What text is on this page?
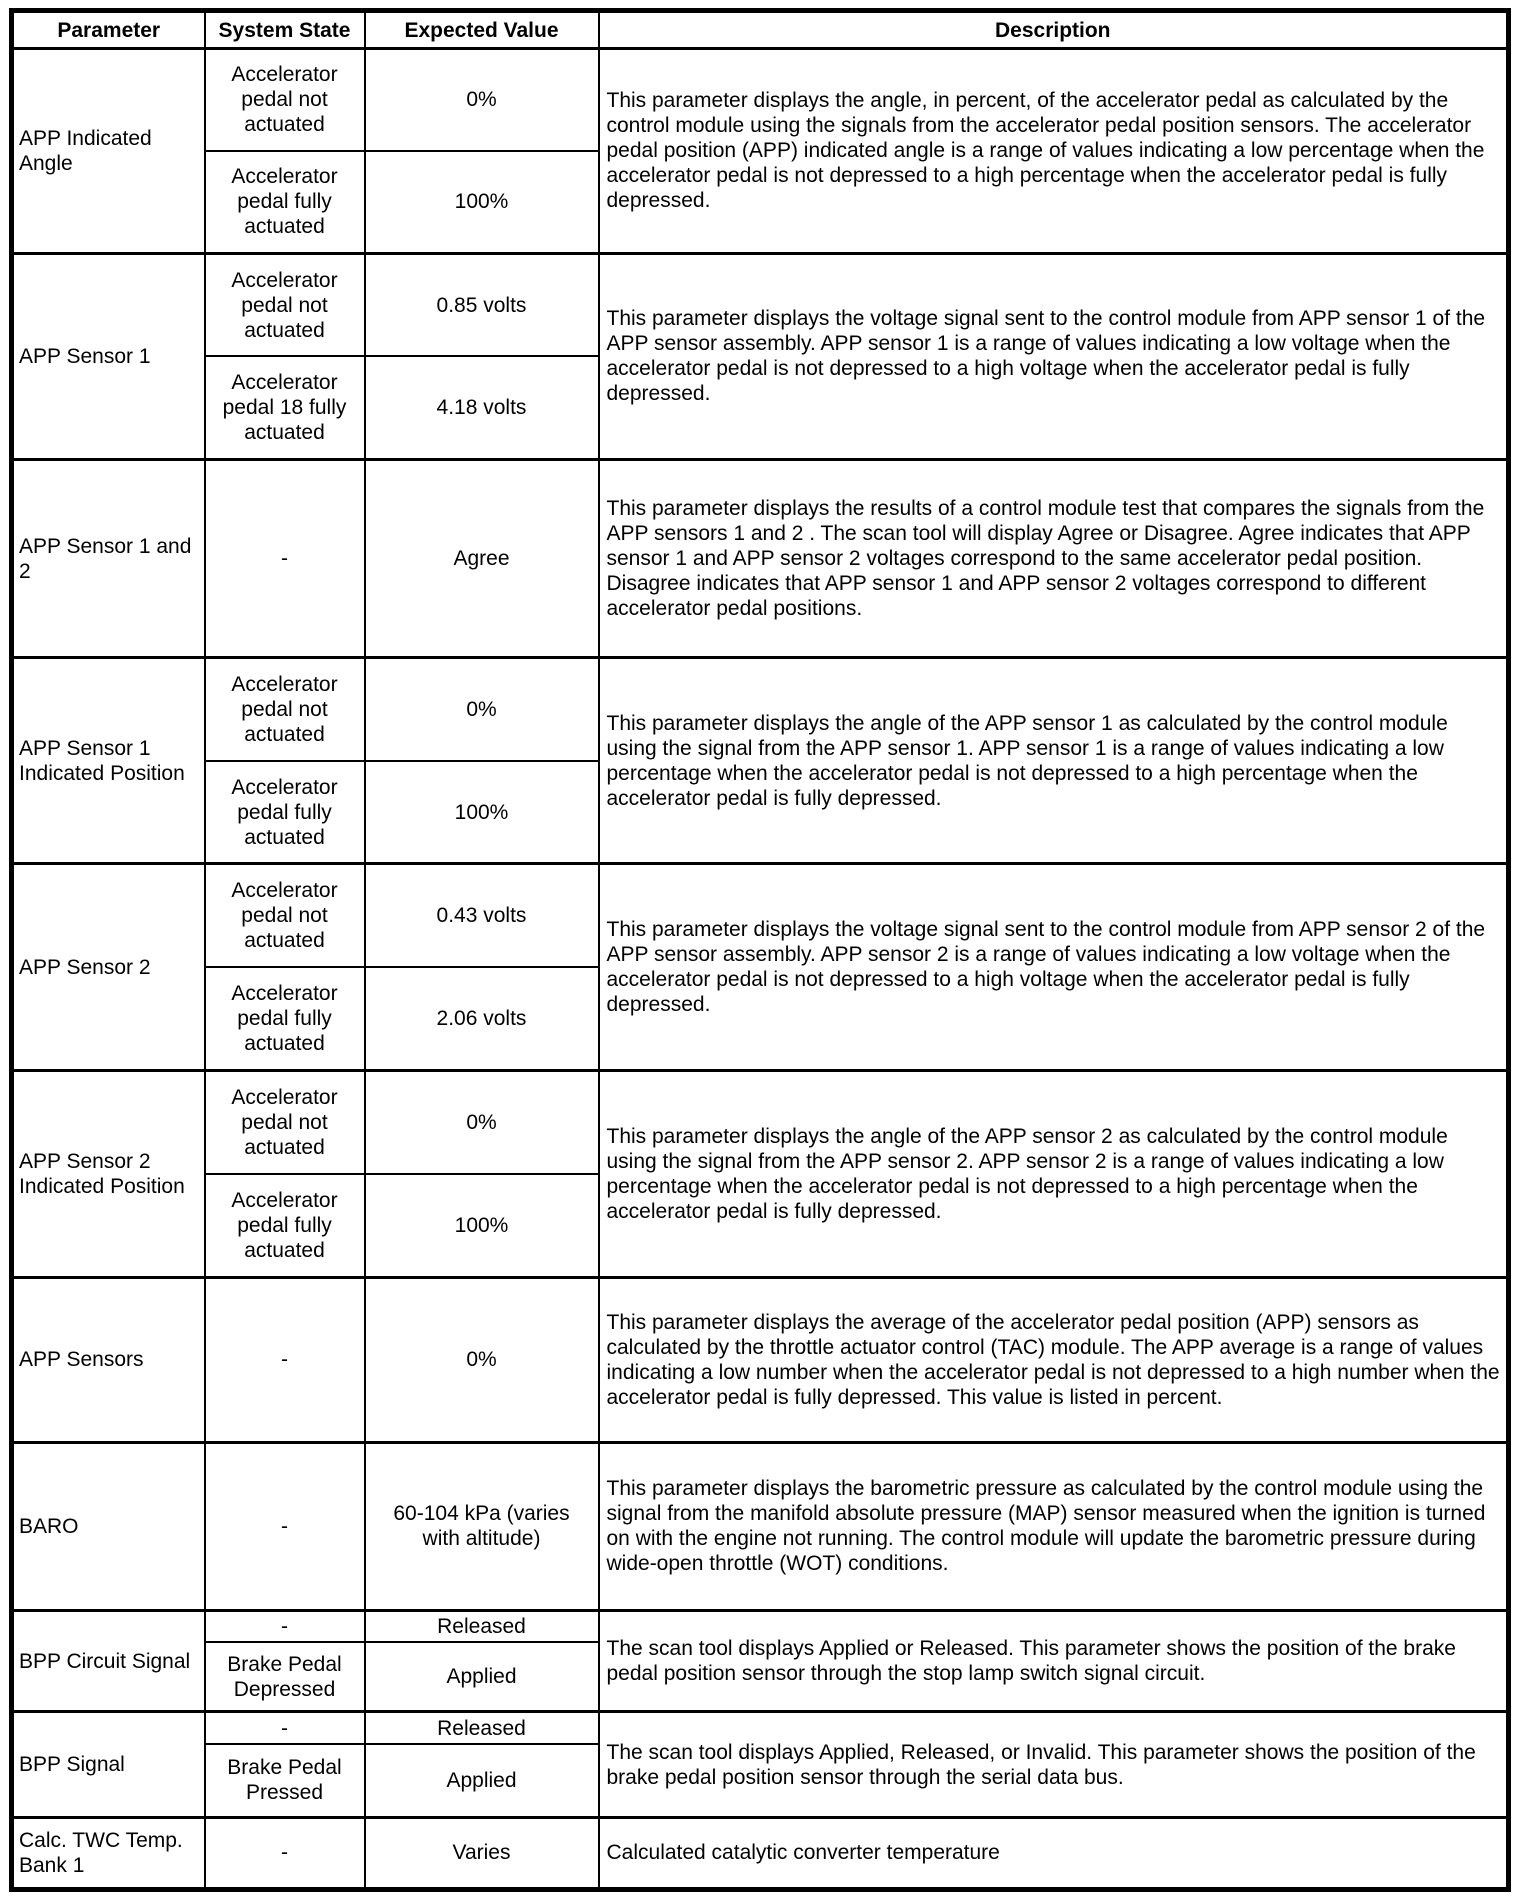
Parameter	System State	Expected Value	Description
APP Indicated Angle	Accelerator pedal not actuated	0%	This parameter displays the angle, in percent, of the accelerator pedal as calculated by the control module using the signals from the accelerator pedal position sensors. The accelerator pedal position (APP) indicated angle is a range of values indicating a low percentage when the accelerator pedal is not depressed to a high percentage when the accelerator pedal is fully depressed.
	Accelerator pedal fully actuated	100%	
APP Sensor 1	Accelerator pedal not actuated	0.85 volts	This parameter displays the voltage signal sent to the control module from APP sensor 1 of the APP sensor assembly. APP sensor 1 is a range of values indicating a low voltage when the accelerator pedal is not depressed to a high voltage when the accelerator pedal is fully depressed.
	Accelerator pedal 18 fully actuated	4.18 volts	
APP Sensor 1 and 2	-	Agree	This parameter displays the results of a control module test that compares the signals from the APP sensors 1 and 2 . The scan tool will display Agree or Disagree. Agree indicates that APP sensor 1 and APP sensor 2 voltages correspond to the same accelerator pedal position. Disagree indicates that APP sensor 1 and APP sensor 2 voltages correspond to different accelerator pedal positions.
APP Sensor 1 Indicated Position	Accelerator pedal not actuated	0%	This parameter displays the angle of the APP sensor 1 as calculated by the control module using the signal from the APP sensor 1. APP sensor 1 is a range of values indicating a low percentage when the accelerator pedal is not depressed to a high percentage when the accelerator pedal is fully depressed.
	Accelerator pedal fully actuated	100%	
APP Sensor 2	Accelerator pedal not actuated	0.43 volts	This parameter displays the voltage signal sent to the control module from APP sensor 2 of the APP sensor assembly. APP sensor 2 is a range of values indicating a low voltage when the accelerator pedal is not depressed to a high voltage when the accelerator pedal is fully depressed.
	Accelerator pedal fully actuated	2.06 volts	
APP Sensor 2 Indicated Position	Accelerator pedal not actuated	0%	This parameter displays the angle of the APP sensor 2 as calculated by the control module using the signal from the APP sensor 2. APP sensor 2 is a range of values indicating a low percentage when the accelerator pedal is not depressed to a high percentage when the accelerator pedal is fully depressed.
	Accelerator pedal fully actuated	100%	
APP Sensors	-	0%	This parameter displays the average of the accelerator pedal position (APP) sensors as calculated by the throttle actuator control (TAC) module. The APP average is a range of values indicating a low number when the accelerator pedal is not depressed to a high number when the accelerator pedal is fully depressed. This value is listed in percent.
BARO	-	60-104 kPa (varies with altitude)	This parameter displays the barometric pressure as calculated by the control module using the signal from the manifold absolute pressure (MAP) sensor measured when the ignition is turned on with the engine not running. The control module will update the barometric pressure during wide-open throttle (WOT) conditions.
BPP Circuit Signal	-	Released	The scan tool displays Applied or Released. This parameter shows the position of the brake pedal position sensor through the stop lamp switch signal circuit.
	Brake Pedal Depressed	Applied	
BPP Signal	-	Released	The scan tool displays Applied, Released, or Invalid. This parameter shows the position of the brake pedal position sensor through the serial data bus.
	Brake Pedal Pressed	Applied	
Calc. TWC Temp. Bank 1	-	Varies	Calculated catalytic converter temperature
